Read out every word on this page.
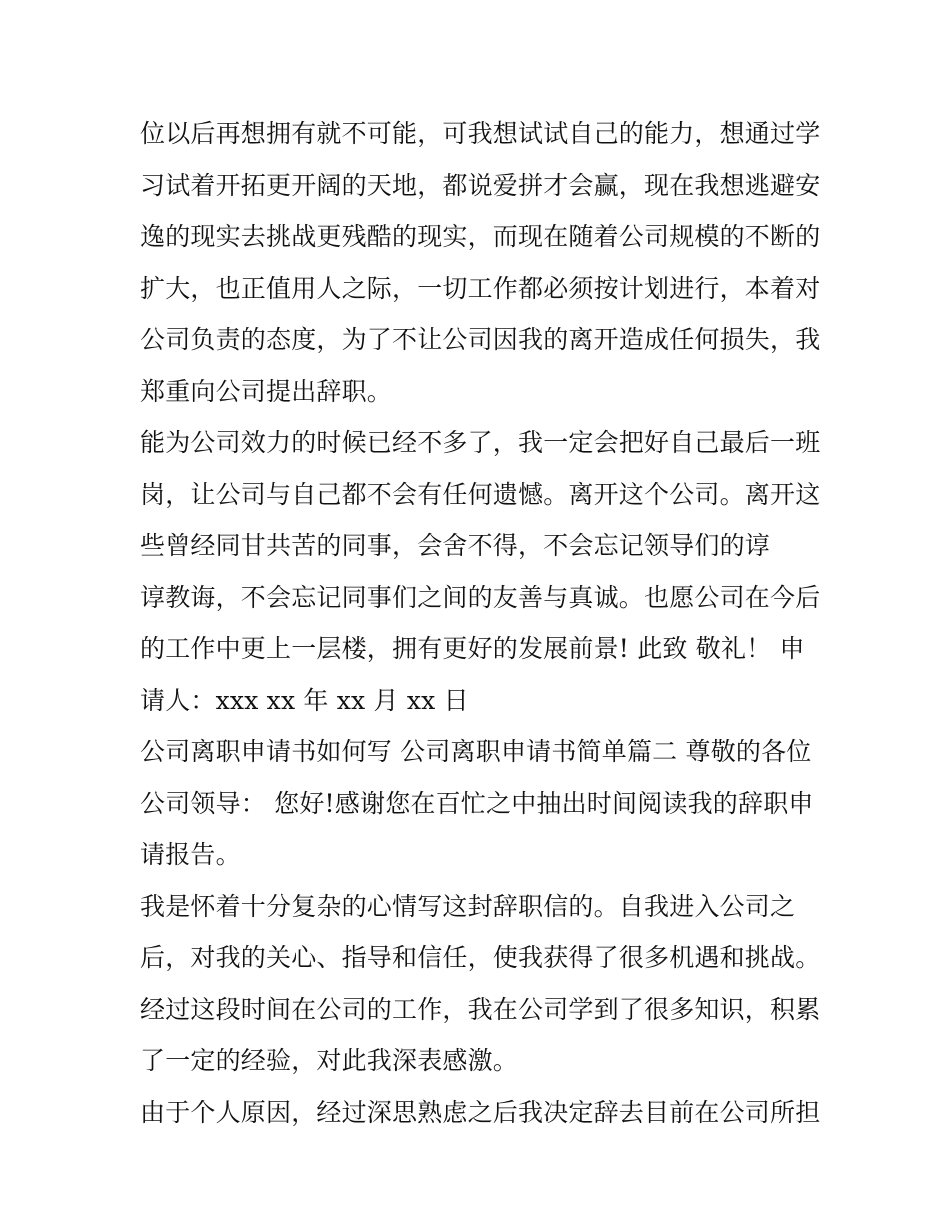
位以后再想拥有就不可能，可我想试试自己的能力，想通过学
习试着开拓更开阔的天地，都说爱拼才会赢，现在我想逃避安
逸的现实去挑战更残酷的现实，而现在随着公司规模的不断的
扩大，也正值用人之际，一切工作都必须按计划进行，本着对
公司负责的态度，为了不让公司因我的离开造成任何损失，我
郑重向公司提出辞职。
能为公司效力的时候已经不多了，我一定会把好自己最后一班
岗，让公司与自己都不会有任何遗憾。离开这个公司。离开这
些曾经同甘共苦的同事，会舍不得，不会忘记领导们的谆
谆教诲，不会忘记同事们之间的友善与真诚。也愿公司在今后
的工作中更上一层楼，拥有更好的发展前景! 此致 敬礼！ 申
请人：xxx xx 年 xx 月 xx 日
公司离职申请书如何写 公司离职申请书简单篇二 尊敬的各位
公司领导： 您好!感谢您在百忙之中抽出时间阅读我的辞职申
请报告。
我是怀着十分复杂的心情写这封辞职信的。自我进入公司之
后，对我的关心、指导和信任，使我获得了很多机遇和挑战。
经过这段时间在公司的工作，我在公司学到了很多知识，积累
了一定的经验，对此我深表感激。
由于个人原因，经过深思熟虑之后我决定辞去目前在公司所担
